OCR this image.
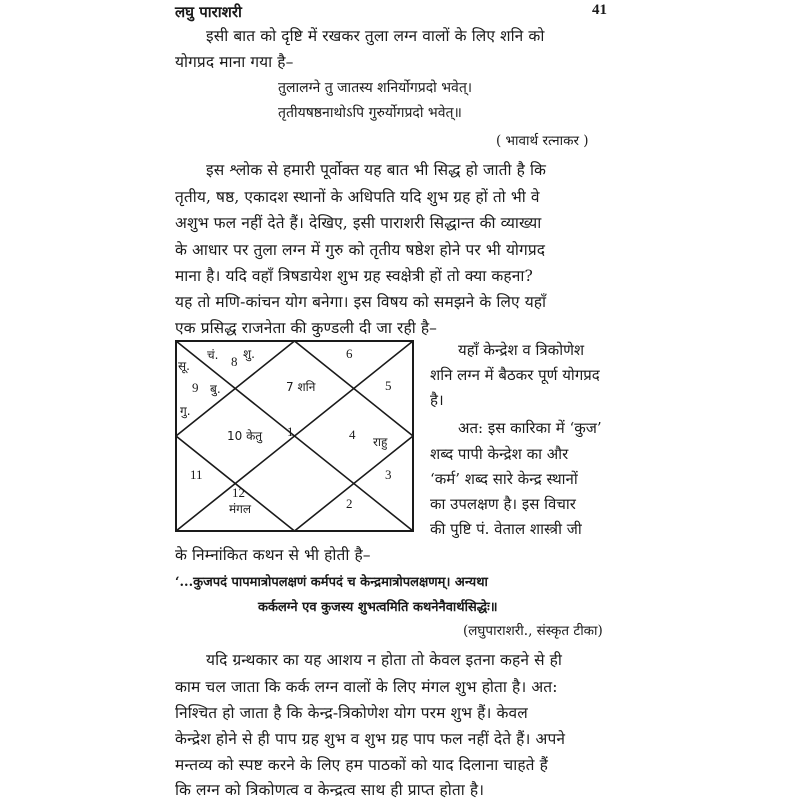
लघु पाराशरी	41
इसी बात को दृष्टि में रखकर तुला लग्न वालों के लिए शनि को
योगप्रद माना गया है–
तुलालग्ने तु जातस्य शनिर्योगप्रदो भवेत्।
तृतीयषष्ठनाथोऽपि गुरुर्योगप्रदो भवेत्॥
( भावार्थ रत्नाकर )
इस श्लोक से हमारी पूर्वोक्त यह बात भी सिद्ध हो जाती है कि
तृतीय, षष्ठ, एकादश स्थानों के अधिपति यदि शुभ ग्रह हों तो भी वे
अशुभ फल नहीं देते हैं। देखिए, इसी पाराशरी सिद्धान्त की व्याख्या
के आधार पर तुला लग्न में गुरु को तृतीय षष्ठेश होने पर भी योगप्रद
माना है। यदि वहाँ त्रिषडायेश शुभ ग्रह स्वक्षेत्री हों तो क्या कहना?
यह तो मणि-कांचन योग बनेगा। इस विषय को समझने के लिए यहाँ
एक प्रसिद्ध राजनेता की कुण्डली दी जा रही है–
1
2
3
4 राहु
5
6
7 शनि
8
चं. शु.
9
सू.
बु.
गु.
10 केतु
11
12
मंगल
यहाँ केन्द्रेश व त्रिकोणेश
शनि लग्न में बैठकर पूर्ण योगप्रद
है।
अत: इस कारिका में ‘कुज’
शब्द पापी केन्द्रेश का और
‘कर्म’ शब्द सारे केन्द्र स्थानों
का उपलक्षण है। इस विचार
की पुष्टि पं. वेताल शास्त्री जी
के निम्नांकित कथन से भी होती है–
‘...कुजपदं पापमात्रोपलक्षणं कर्मपदं च केन्द्रमात्रोपलक्षणम्। अन्यथा
कर्कलग्ने एव कुजस्य शुभत्वमिति कथनेनैवार्थसिद्धेः॥
(लघुपाराशरी., संस्कृत टीका)
यदि ग्रन्थकार का यह आशय न होता तो केवल इतना कहने से ही
काम चल जाता कि कर्क लग्न वालों के लिए मंगल शुभ होता है। अत:
निश्चित हो जाता है कि केन्द्र-त्रिकोणेश योग परम शुभ हैं। केवल
केन्द्रेश होने से ही पाप ग्रह शुभ व शुभ ग्रह पाप फल नहीं देते हैं। अपने
मन्तव्य को स्पष्ट करने के लिए हम पाठकों को याद दिलाना चाहते हैं
कि लग्न को त्रिकोणत्व व केन्द्रत्व साथ ही प्राप्त होता है।
